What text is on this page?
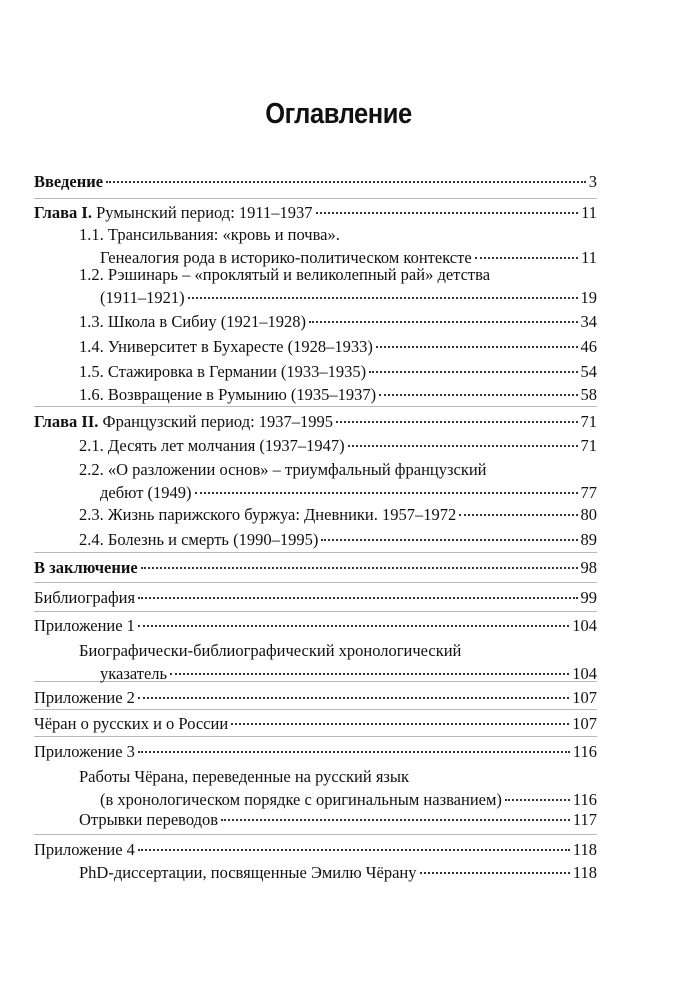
Оглавление
Введение	3
Глава I. Румынский период: 1911–1937	11
1.1. Трансильвания: «кровь и почва».
Генеалогия рода в историко-политическом контексте	11
1.2. Рэшинарь – «проклятый и великолепный рай» детства
(1911–1921)	19
1.3. Школа в Сибиу (1921–1928)	34
1.4. Университет в Бухаресте (1928–1933)	46
1.5. Стажировка в Германии (1933–1935)	54
1.6. Возвращение в Румынию (1935–1937)	58
Глава II. Французский период: 1937–1995	71
2.1. Десять лет молчания (1937–1947)	71
2.2. «О разложении основ» – триумфальный французский
дебют (1949)	77
2.3. Жизнь парижского буржуа: Дневники. 1957–1972	80
2.4. Болезнь и смерть (1990–1995)	89
В заключение	98
Библиография	99
Приложение 1	104
Биографически-библиографический хронологический
указатель	104
Приложение 2	107
Чёран о русских и о России	107
Приложение 3	116
Работы Чёрана, переведенные на русский язык
(в хронологическом порядке с оригинальным названием)	116
Отрывки переводов	117
Приложение 4	118
PhD-диссертации, посвященные Эмилю Чёрану	118
